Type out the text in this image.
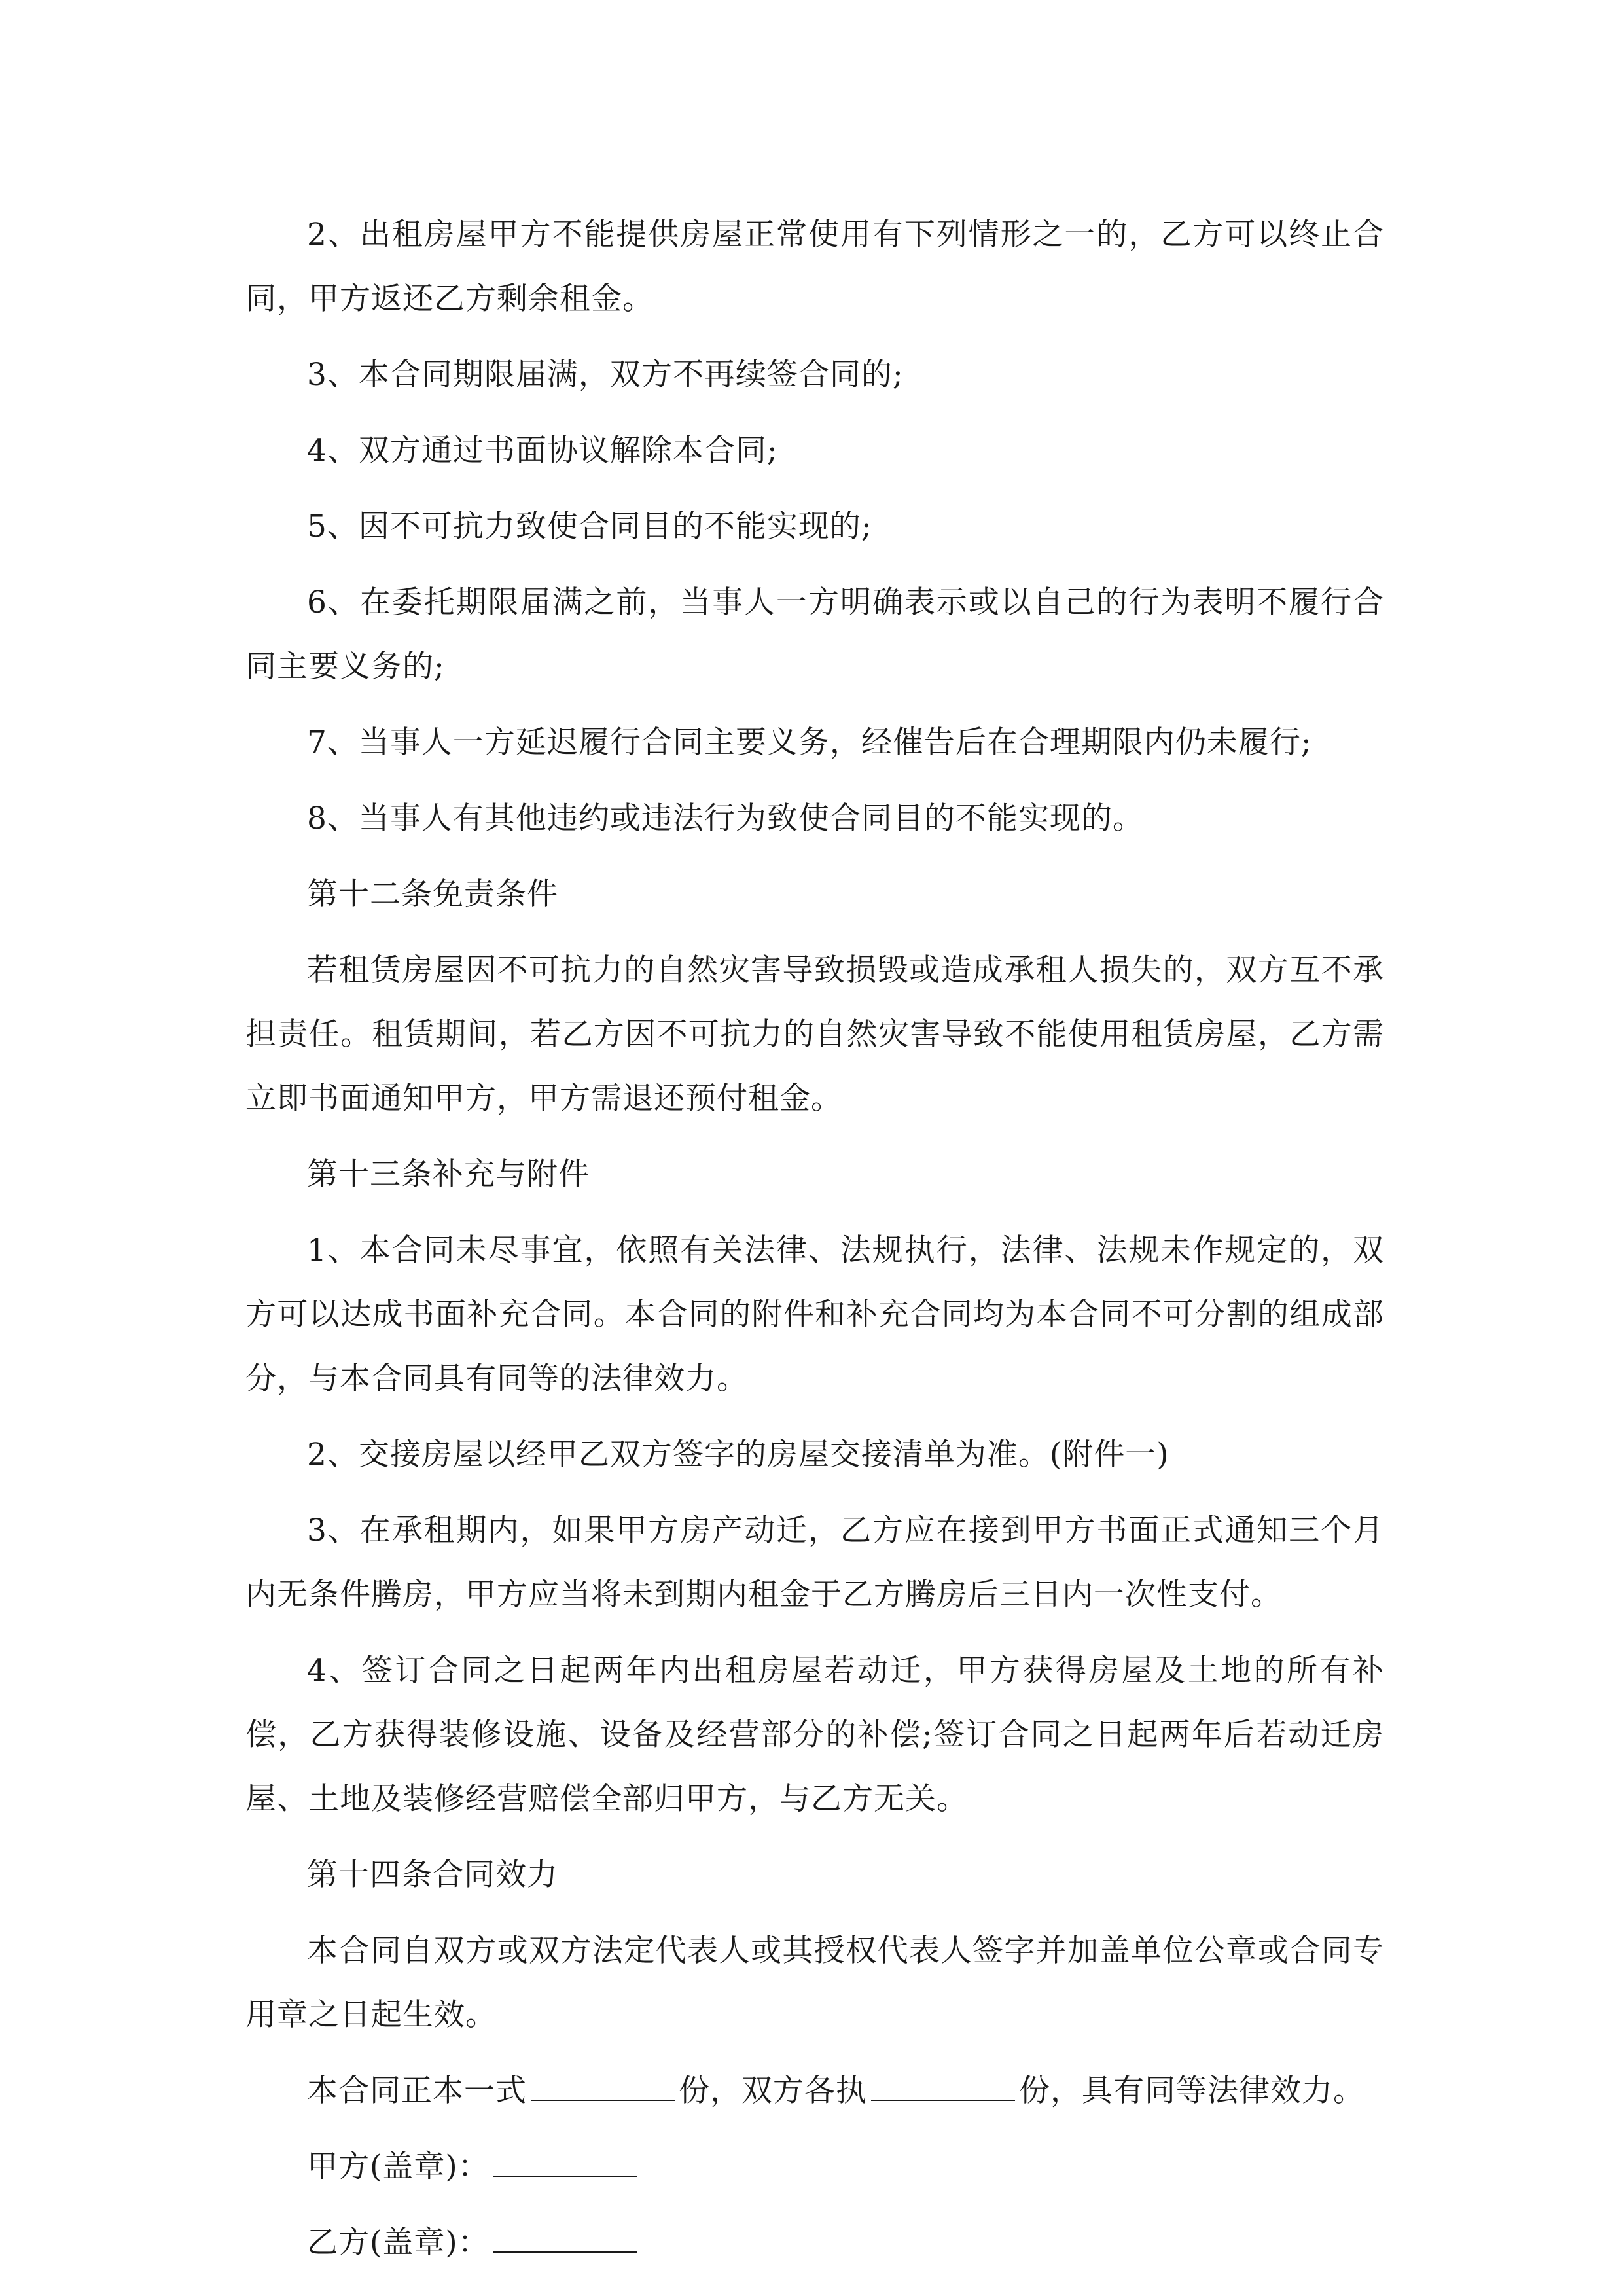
2、出租房屋甲方不能提供房屋正常使用有下列情形之一的，乙方可以终止合同，甲方返还乙方剩余租金。

3、本合同期限届满，双方不再续签合同的;

4、双方通过书面协议解除本合同;

5、因不可抗力致使合同目的不能实现的;

6、在委托期限届满之前，当事人一方明确表示或以自己的行为表明不履行合同主要义务的;

7、当事人一方延迟履行合同主要义务，经催告后在合理期限内仍未履行;

8、当事人有其他违约或违法行为致使合同目的不能实现的。

第十二条免责条件

若租赁房屋因不可抗力的自然灾害导致损毁或造成承租人损失的，双方互不承担责任。租赁期间，若乙方因不可抗力的自然灾害导致不能使用租赁房屋，乙方需立即书面通知甲方，甲方需退还预付租金。

第十三条补充与附件

1、本合同未尽事宜，依照有关法律、法规执行，法律、法规未作规定的，双方可以达成书面补充合同。本合同的附件和补充合同均为本合同不可分割的组成部分，与本合同具有同等的法律效力。

2、交接房屋以经甲乙双方签字的房屋交接清单为准。(附件一)

3、在承租期内，如果甲方房产动迁，乙方应在接到甲方书面正式通知三个月内无条件腾房，甲方应当将未到期内租金于乙方腾房后三日内一次性支付。

4、签订合同之日起两年内出租房屋若动迁，甲方获得房屋及土地的所有补偿，乙方获得装修设施、设备及经营部分的补偿;签订合同之日起两年后若动迁房屋、土地及装修经营赔偿全部归甲方，与乙方无关。

第十四条合同效力

本合同自双方或双方法定代表人或其授权代表人签字并加盖单位公章或合同专用章之日起生效。

本合同正本一式	份，双方各执	份，具有同等法律效力。

甲方(盖章)：

乙方(盖章)：
